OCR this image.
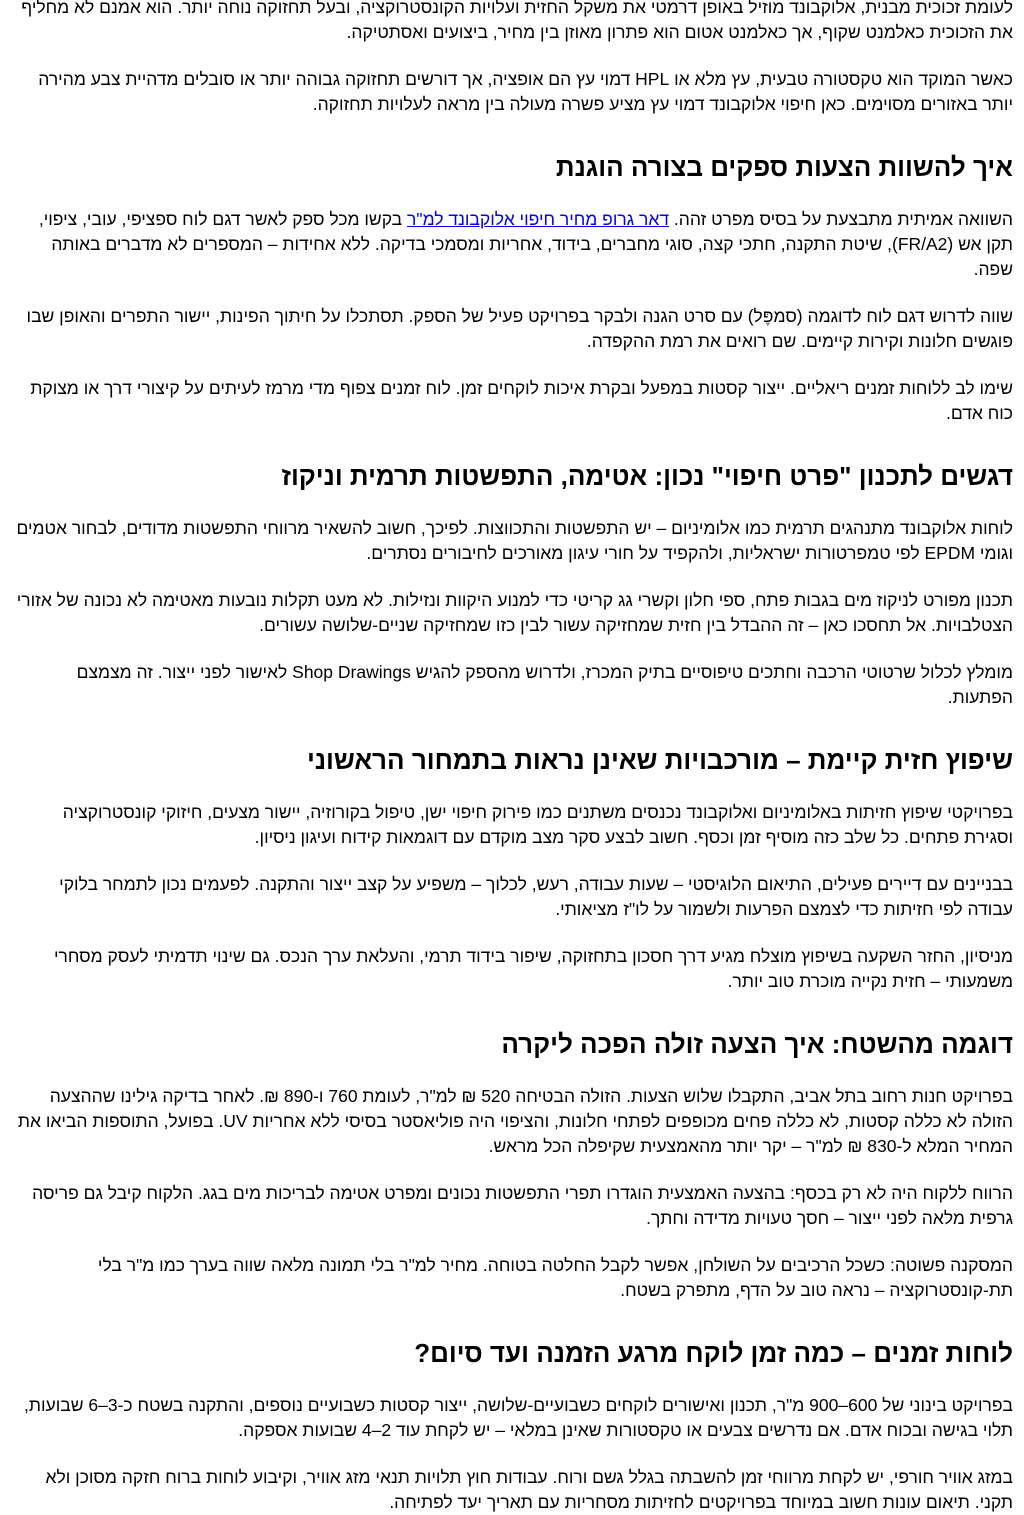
לעומת זכוכית מבנית, אלוקבונד מוזיל באופן דרמטי את משקל החזית ועלויות הקונסטרוקציה, ובעל תחזוקה נוחה יותר. הוא אמנם לא מחליף את הזכוכית כאלמנט שקוף, אך כאלמנט אטום הוא פתרון מאוזן בין מחיר, ביצועים ואסתטיקה.

כאשר המוקד הוא טקסטורה טבעית, עץ מלא או HPL דמוי עץ הם אופציה, אך דורשים תחזוקה גבוהה יותר או סובלים מדהיית צבע מהירה יותר באזורים מסוימים. כאן חיפוי אלוקבונד דמוי עץ מציע פשרה מעולה בין מראה לעלויות תחזוקה.

איך להשוות הצעות ספקים בצורה הוגנת

השוואה אמיתית מתבצעת על בסיס מפרט זהה. דאר גרופ מחיר חיפוי אלוקבונד למ"ר בקשו מכל ספק לאשר דגם לוח ספציפי, עובי, ציפוי, תקן אש (FR/A2), שיטת התקנה, חתכי קצה, סוגי מחברים, בידוד, אחריות ומסמכי בדיקה. ללא אחידות – המספרים לא מדברים באותה שפה.

שווה לדרוש דגם לוח לדוגמה (סמפֶּל) עם סרט הגנה ולבקר בפרויקט פעיל של הספק. תסתכלו על חיתוך הפינות, יישור התפרים והאופן שבו פוגשים חלונות וקירות קיימים. שם רואים את רמת ההקפדה.

שימו לב ללוחות זמנים ריאליים. ייצור קסטות במפעל ובקרת איכות לוקחים זמן. לוח זמנים צפוף מדי מרמז לעיתים על קיצורי דרך או מצוקת כוח אדם.

דגשים לתכנון "פרט חיפוי" נכון: אטימה, התפשטות תרמית וניקוז

לוחות אלוקבונד מתנהגים תרמית כמו אלומיניום – יש התפשטות והתכווצות. לפיכך, חשוב להשאיר מרווחי התפשטות מדודים, לבחור אטמים וגומי EPDM לפי טמפרטורות ישראליות, ולהקפיד על חורי עיגון מאורכים לחיבורים נסתרים.

תכנון מפורט לניקוז מים בגבות פתח, ספי חלון וקשרי גג קריטי כדי למנוע היקוות ונזילות. לא מעט תקלות נובעות מאטימה לא נכונה של אזורי הצטלבויות. אל תחסכו כאן – זה ההבדל בין חזית שמחזיקה עשור לבין כזו שמחזיקה שניים-שלושה עשורים.

מומלץ לכלול שרטוטי הרכבה וחתכים טיפוסיים בתיק המכרז, ולדרוש מהספק להגיש Shop Drawings לאישור לפני ייצור. זה מצמצם הפתעות.

שיפוץ חזית קיימת – מורכבויות שאינן נראות בתמחור הראשוני

בפרויקטי שיפוץ חזיתות באלומיניום ואלוקבונד נכנסים משתנים כמו פירוק חיפוי ישן, טיפול בקורוזיה, יישור מצעים, חיזוקי קונסטרוקציה וסגירת פתחים. כל שלב כזה מוסיף זמן וכסף. חשוב לבצע סקר מצב מוקדם עם דוגמאות קידוח ועיגון ניסיון.

בבניינים עם דיירים פעילים, התיאום הלוגיסטי – שעות עבודה, רעש, לכלוך – משפיע על קצב ייצור והתקנה. לפעמים נכון לתמחר בלוקי עבודה לפי חזיתות כדי לצמצם הפרעות ולשמור על לו"ז מציאותי.

מניסיון, החזר השקעה בשיפוץ מוצלח מגיע דרך חסכון בתחזוקה, שיפור בידוד תרמי, והעלאת ערך הנכס. גם שינוי תדמיתי לעסק מסחרי משמעותי – חזית נקייה מוכרת טוב יותר.

דוגמה מהשטח: איך הצעה זולה הפכה ליקרה

בפרויקט חנות רחוב בתל אביב, התקבלו שלוש הצעות. הזולה הבטיחה 520 ₪ למ"ר, לעומת 760 ו-890 ₪. לאחר בדיקה גילינו שההצעה הזולה לא כללה קסטות, לא כללה פחים מכופפים לפתחי חלונות, והציפוי היה פוליאסטר בסיסי ללא אחריות UV. בפועל, התוספות הביאו את המחיר המלא ל-830 ₪ למ"ר – יקר יותר מהאמצעית שקיפלה הכל מראש.

הרווח ללקוח היה לא רק בכסף: בהצעה האמצעית הוגדרו תפרי התפשטות נכונים ומפרט אטימה לבריכות מים בגג. הלקוח קיבל גם פריסה גרפית מלאה לפני ייצור – חסך טעויות מדידה וחתך.

המסקנה פשוטה: כשכל הרכיבים על השולחן, אפשר לקבל החלטה בטוחה. מחיר למ"ר בלי תמונה מלאה שווה בערך כמו מ"ר בלי תת-קונסטרוקציה – נראה טוב על הדף, מתפרק בשטח.

לוחות זמנים – כמה זמן לוקח מרגע הזמנה ועד סיום?

בפרויקט בינוני של 600–900 מ"ר, תכנון ואישורים לוקחים כשבועיים-שלושה, ייצור קסטות כשבועיים נוספים, והתקנה בשטח כ-3–6 שבועות, תלוי בגישה ובכוח אדם. אם נדרשים צבעים או טקסטורות שאינן במלאי – יש לקחת עוד 2–4 שבועות אספקה.

במזג אוויר חורפי, יש לקחת מרווחי זמן להשבתה בגלל גשם ורוח. עבודות חוץ תלויות תנאי מזג אוויר, וקיבוע לוחות ברוח חזקה מסוכן ולא תקני. תיאום עונות חשוב במיוחד בפרויקטים לחזיתות מסחריות עם תאריך יעד לפתיחה.
